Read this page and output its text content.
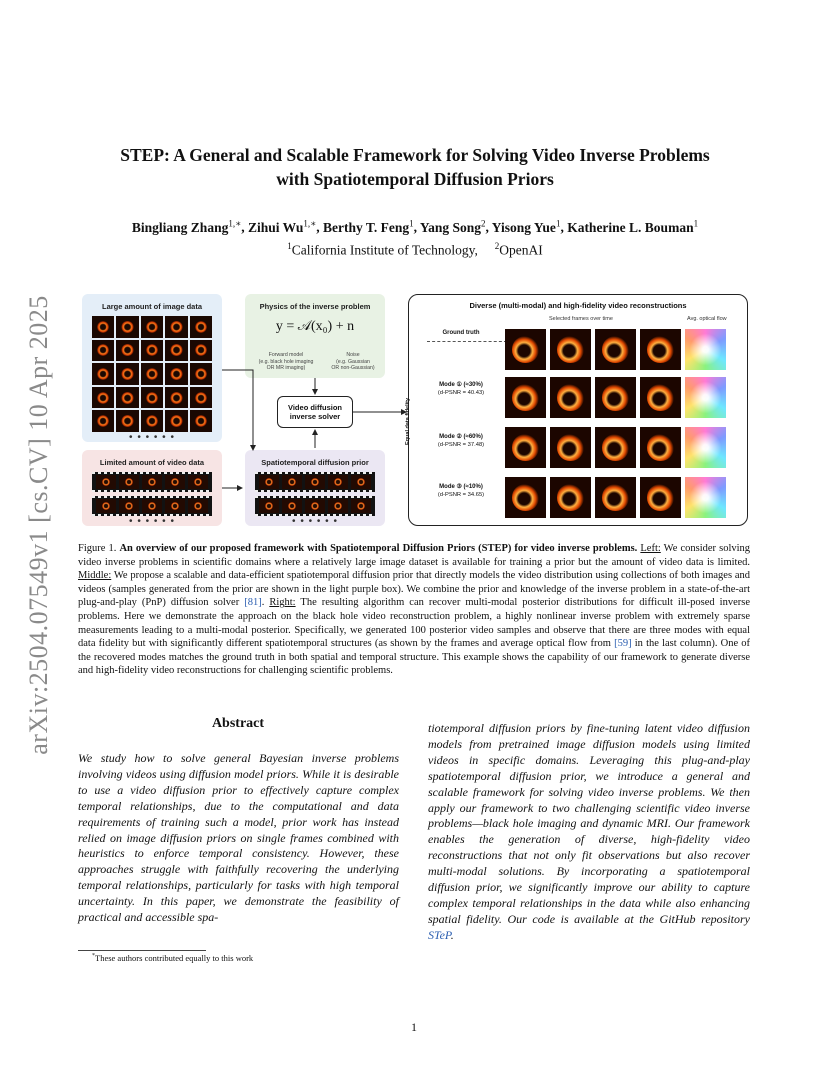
arXiv:2504.07549v1 [cs.CV] 10 Apr 2025
STEP: A General and Scalable Framework for Solving Video Inverse Problems
with Spatiotemporal Diffusion Priors
Bingliang Zhang$^{1,∗}$, Zihui $Wu^{1,∗}$, Berthy T. Feng$^1$, Yang Song$^2$, Yisong Yue$^1$, Katherine L. Bouman$^1$
$^1$California Institute of Technology, $^2$OpenAI
Large amount of image data
• • • • • •
Limited amount of video data
• • • • • •
Physics of the inverse problem
y = 𝒜(x₀) + n
Forward model
(e.g. black hole imaging
OR MR imaging)
Noise
(e.g. Gaussian
OR non-Gaussian)
Video diffusion
inverse solver
Spatiotemporal diffusion prior
• • • • • •
Diverse (multi-modal) and high-fidelity video reconstructions
Selected frames over time	Avg. optical flow
Equal data fidelity
Ground truth
Mode ① (≈30%)
(d-PSNR = 40.43)
Mode ② (≈60%)
(d-PSNR = 37.48)
Mode ③ (≈10%)
(d-PSNR = 34.65)
Figure 1. An overview of our proposed framework with Spatiotemporal Diffusion Priors (STEP) for video inverse problems. Left: We consider solving video inverse problems in scientific domains where a relatively large image dataset is available for training a prior but the amount of video data is limited. Middle: We propose a scalable and data-efficient spatiotemporal diffusion prior that directly models the video distribution using collections of both images and videos (samples generated from the prior are shown in the light purple box). We combine the prior and knowledge of the inverse problem in a state-of-the-art plug-and-play (PnP) diffusion solver [81]. Right: The resulting algorithm can recover multi-modal posterior distributions for difficult ill-posed inverse problems. Here we demonstrate the approach on the black hole video reconstruction problem, a highly nonlinear inverse problem with extremely sparse measurements leading to a multi-modal posterior. Specifically, we generated 100 posterior video samples and observe that there are three modes with equal data fidelity but with significantly different spatiotemporal structures (as shown by the frames and average optical flow from [59] in the last column). One of the recovered modes matches the ground truth in both spatial and temporal structure. This example shows the capability of our framework to generate diverse and high-fidelity video reconstructions for challenging scientific problems.
Abstract
We study how to solve general Bayesian inverse problems involving videos using diffusion model priors. While it is desirable to use a video diffusion prior to effectively capture complex temporal relationships, due to the computational and data requirements of training such a model, prior work has instead relied on image diffusion priors on single frames combined with heuristics to enforce temporal consistency. However, these approaches struggle with faithfully recovering the underlying temporal relationships, particularly for tasks with high temporal uncertainty. In this paper, we demonstrate the feasibility of practical and accessible spa-
tiotemporal diffusion priors by fine-tuning latent video diffusion models from pretrained image diffusion models using limited videos in specific domains. Leveraging this plug-and-play spatiotemporal diffusion prior, we introduce a general and scalable framework for solving video inverse problems. We then apply our framework to two challenging scientific video inverse problems—black hole imaging and dynamic MRI. Our framework enables the generation of diverse, high-fidelity video reconstructions that not only fit observations but also recover multi-modal solutions. By incorporating a spatiotemporal diffusion prior, we significantly improve our ability to capture complex temporal relationships in the data while also enhancing spatial fidelity. Our code is available at the GitHub repository STeP.
*These authors contributed equally to this work
1
